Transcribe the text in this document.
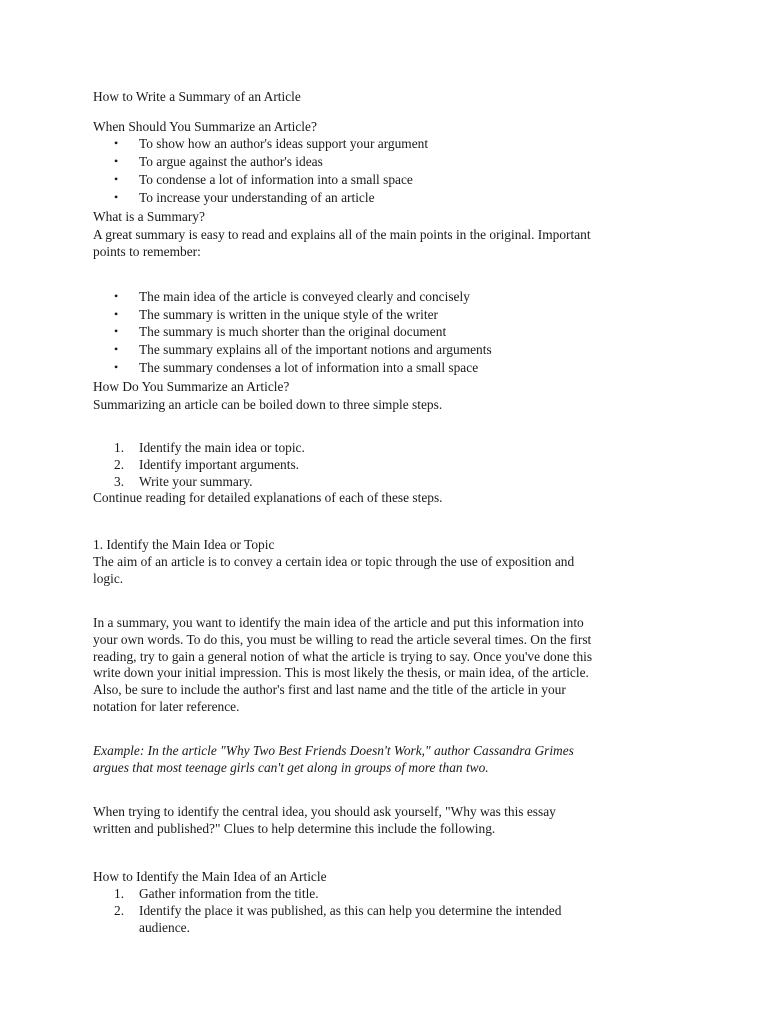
How to Write a Summary of an Article
When Should You Summarize an Article?
• To show how an author's ideas support your argument
• To argue against the author's ideas
• To condense a lot of information into a small space
• To increase your understanding of an article
What is a Summary?
A great summary is easy to read and explains all of the main points in the original. Important
points to remember:
• The main idea of the article is conveyed clearly and concisely
• The summary is written in the unique style of the writer
• The summary is much shorter than the original document
• The summary explains all of the important notions and arguments
• The summary condenses a lot of information into a small space
How Do You Summarize an Article?
Summarizing an article can be boiled down to three simple steps.
1.	Identify the main idea or topic.
2.	Identify important arguments.
3.	Write your summary.
Continue reading for detailed explanations of each of these steps.
1. Identify the Main Idea or Topic
The aim of an article is to convey a certain idea or topic through the use of exposition and
logic.
In a summary, you want to identify the main idea of the article and put this information into
your own words. To do this, you must be willing to read the article several times. On the first
reading, try to gain a general notion of what the article is trying to say. Once you've done this
write down your initial impression. This is most likely the thesis, or main idea, of the article.
Also, be sure to include the author's first and last name and the title of the article in your
notation for later reference.
Example: In the article "Why Two Best Friends Doesn't Work," author Cassandra Grimes
argues that most teenage girls can't get along in groups of more than two.
When trying to identify the central idea, you should ask yourself, "Why was this essay
written and published?" Clues to help determine this include the following.
How to Identify the Main Idea of an Article
1.	Gather information from the title.
2.	Identify the place it was published, as this can help you determine the intended
audience.
